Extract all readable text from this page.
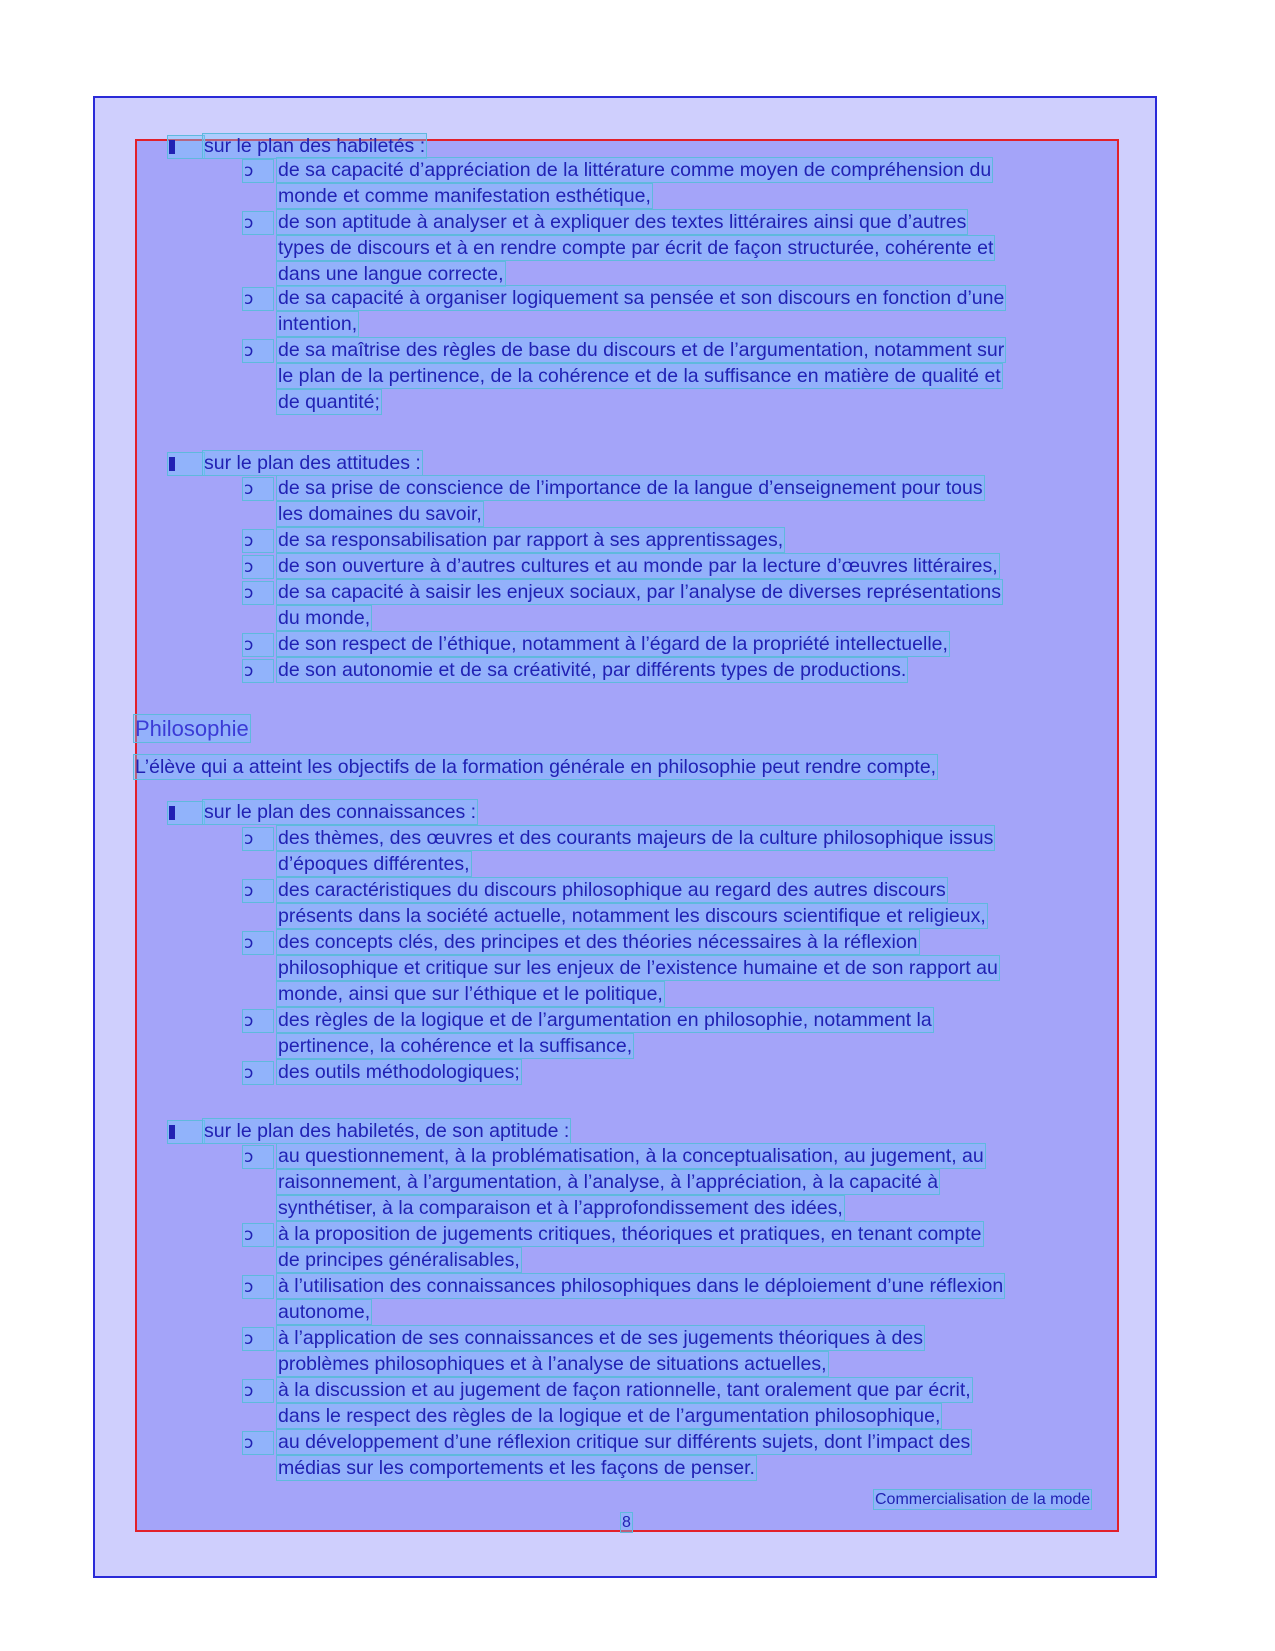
sur le plan des habiletés :
ɔ	de sa capacité d’appréciation de la littérature comme moyen de compréhension du
monde et comme manifestation esthétique,
ɔ	de son aptitude à analyser et à expliquer des textes littéraires ainsi que d’autres
types de discours et à en rendre compte par écrit de façon structurée, cohérente et
dans une langue correcte,
ɔ	de sa capacité à organiser logiquement sa pensée et son discours en fonction d’une
intention,
ɔ	de sa maîtrise des règles de base du discours et de l’argumentation, notamment sur
le plan de la pertinence, de la cohérence et de la suffisance en matière de qualité et
de quantité;
sur le plan des attitudes :
ɔ	de sa prise de conscience de l’importance de la langue d’enseignement pour tous
les domaines du savoir,
ɔ	de sa responsabilisation par rapport à ses apprentissages,
ɔ	de son ouverture à d’autres cultures et au monde par la lecture d’œuvres littéraires,
ɔ	de sa capacité à saisir les enjeux sociaux, par l’analyse de diverses représentations
du monde,
ɔ	de son respect de l’éthique, notamment à l’égard de la propriété intellectuelle,
ɔ	de son autonomie et de sa créativité, par différents types de productions.
Philosophie
L’élève qui a atteint les objectifs de la formation générale en philosophie peut rendre compte,
sur le plan des connaissances :
ɔ	des thèmes, des œuvres et des courants majeurs de la culture philosophique issus
d’époques différentes,
ɔ	des caractéristiques du discours philosophique au regard des autres discours
présents dans la société actuelle, notamment les discours scientifique et religieux,
ɔ	des concepts clés, des principes et des théories nécessaires à la réflexion
philosophique et critique sur les enjeux de l’existence humaine et de son rapport au
monde, ainsi que sur l’éthique et le politique,
ɔ	des règles de la logique et de l’argumentation en philosophie, notamment la
pertinence, la cohérence et la suffisance,
ɔ	des outils méthodologiques;
sur le plan des habiletés, de son aptitude :
ɔ	au questionnement, à la problématisation, à la conceptualisation, au jugement, au
raisonnement, à l’argumentation, à l’analyse, à l’appréciation, à la capacité à
synthétiser, à la comparaison et à l’approfondissement des idées,
ɔ	à la proposition de jugements critiques, théoriques et pratiques, en tenant compte
de principes généralisables,
ɔ	à l’utilisation des connaissances philosophiques dans le déploiement d’une réflexion
autonome,
ɔ	à l’application de ses connaissances et de ses jugements théoriques à des
problèmes philosophiques et à l’analyse de situations actuelles,
ɔ	à la discussion et au jugement de façon rationnelle, tant oralement que par écrit,
dans le respect des règles de la logique et de l’argumentation philosophique,
ɔ	au développement d’une réflexion critique sur différents sujets, dont l’impact des
médias sur les comportements et les façons de penser.
Commercialisation de la mode
8
